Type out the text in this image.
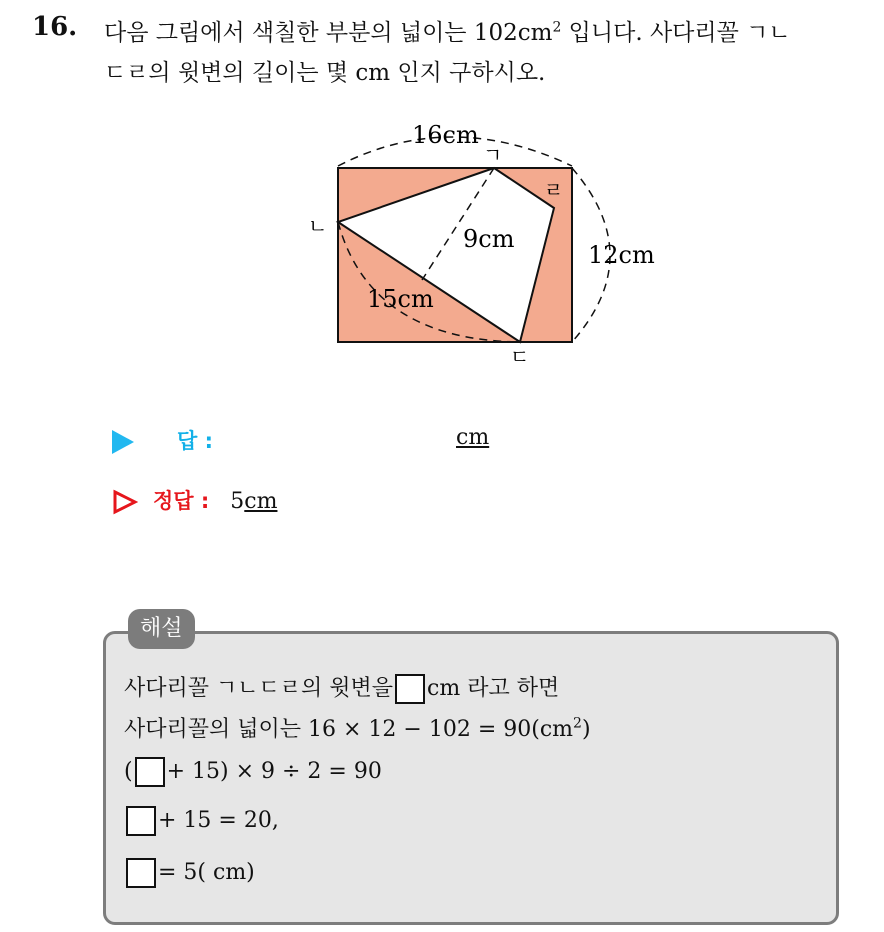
16. 다음 그림에서 색칠한 부분의 넓이는 $102cm^2$ 입니다. 사다리꼴 ㄱㄴ
ㄷㄹ의 윗변의 길이는 몇 cm 인지 구하시오.
16cm
12cm
9cm
15cm
ㄱ
ㄴ
ㄷ
ㄹ
답 :	cm
정답 : 5cm
해설
사다리꼴 ㄱㄴㄷㄹ의 윗변을 cm 라고 하면
사다리꼴의 넓이는 $16 \times 12 - 102 = 90(cm^2)$
( + 15) × 9 ÷ 2 = 90
+ 15 = 20,
= 5( cm)
